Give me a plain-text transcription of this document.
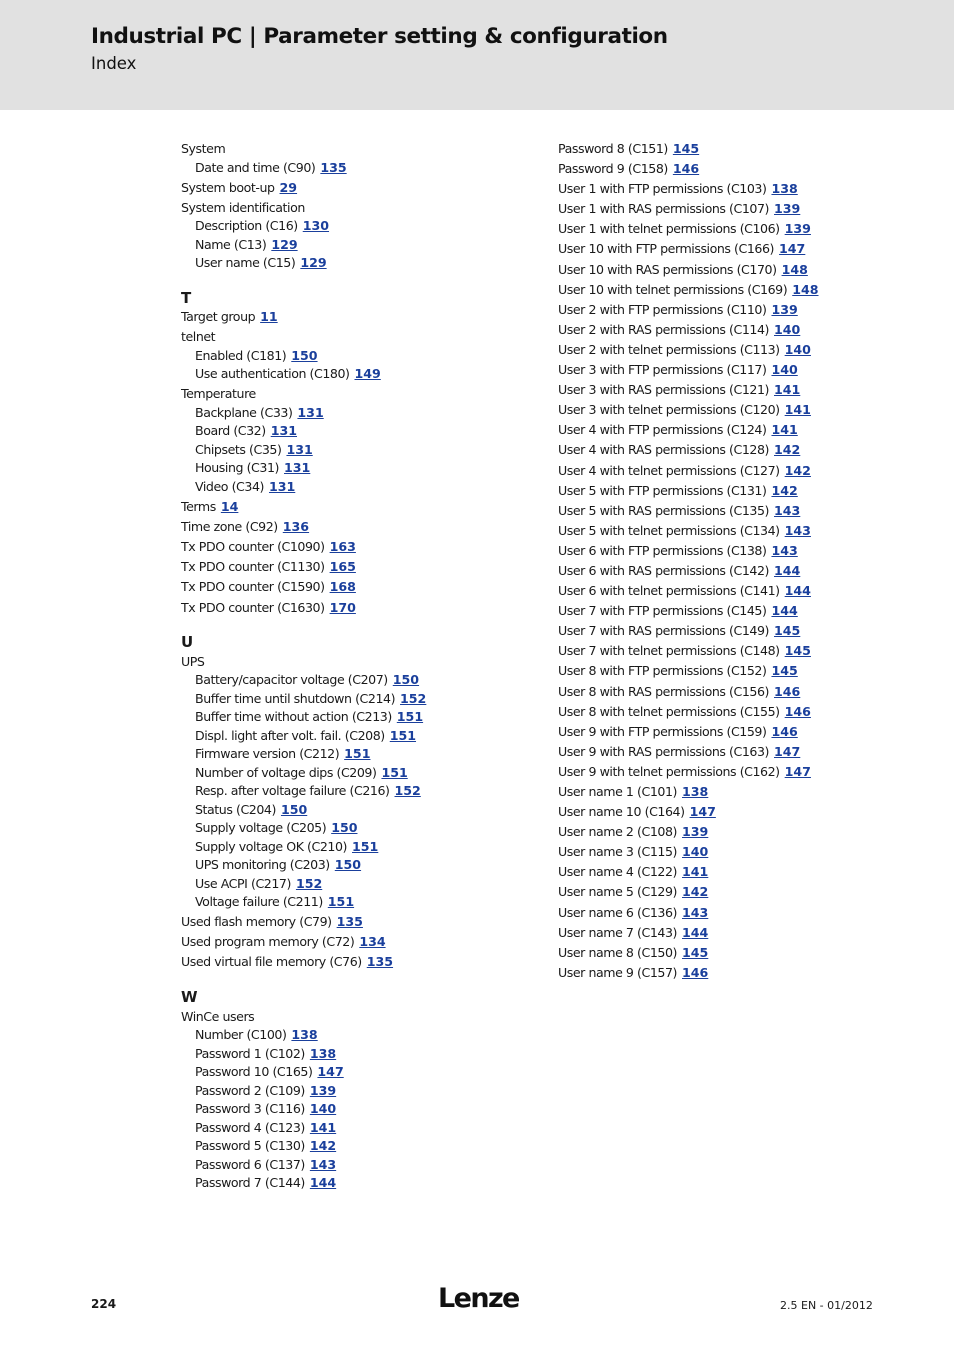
Industrial PC | Parameter setting & configuration
Index
System
Date and time (C90) 135
System boot-up 29
System identification
Description (C16) 130
Name (C13) 129
User name (C15) 129
T
Target group 11
telnet
Enabled (C181) 150
Use authentication (C180) 149
Temperature
Backplane (C33) 131
Board (C32) 131
Chipsets (C35) 131
Housing (C31) 131
Video (C34) 131
Terms 14
Time zone (C92) 136
Tx PDO counter (C1090) 163
Tx PDO counter (C1130) 165
Tx PDO counter (C1590) 168
Tx PDO counter (C1630) 170
U
UPS
Battery/capacitor voltage (C207) 150
Buffer time until shutdown (C214) 152
Buffer time without action (C213) 151
Displ. light after volt. fail. (C208) 151
Firmware version (C212) 151
Number of voltage dips (C209) 151
Resp. after voltage failure (C216) 152
Status (C204) 150
Supply voltage (C205) 150
Supply voltage OK (C210) 151
UPS monitoring (C203) 150
Use ACPI (C217) 152
Voltage failure (C211) 151
Used flash memory (C79) 135
Used program memory (C72) 134
Used virtual file memory (C76) 135
W
WinCe users
Number (C100) 138
Password 1 (C102) 138
Password 10 (C165) 147
Password 2 (C109) 139
Password 3 (C116) 140
Password 4 (C123) 141
Password 5 (C130) 142
Password 6 (C137) 143
Password 7 (C144) 144
Password 8 (C151) 145
Password 9 (C158) 146
User 1 with FTP permissions (C103) 138
User 1 with RAS permissions (C107) 139
User 1 with telnet permissions (C106) 139
User 10 with FTP permissions (C166) 147
User 10 with RAS permissions (C170) 148
User 10 with telnet permissions (C169) 148
User 2 with FTP permissions (C110) 139
User 2 with RAS permissions (C114) 140
User 2 with telnet permissions (C113) 140
User 3 with FTP permissions (C117) 140
User 3 with RAS permissions (C121) 141
User 3 with telnet permissions (C120) 141
User 4 with FTP permissions (C124) 141
User 4 with RAS permissions (C128) 142
User 4 with telnet permissions (C127) 142
User 5 with FTP permissions (C131) 142
User 5 with RAS permissions (C135) 143
User 5 with telnet permissions (C134) 143
User 6 with FTP permissions (C138) 143
User 6 with RAS permissions (C142) 144
User 6 with telnet permissions (C141) 144
User 7 with FTP permissions (C145) 144
User 7 with RAS permissions (C149) 145
User 7 with telnet permissions (C148) 145
User 8 with FTP permissions (C152) 145
User 8 with RAS permissions (C156) 146
User 8 with telnet permissions (C155) 146
User 9 with FTP permissions (C159) 146
User 9 with RAS permissions (C163) 147
User 9 with telnet permissions (C162) 147
User name 1 (C101) 138
User name 10 (C164) 147
User name 2 (C108) 139
User name 3 (C115) 140
User name 4 (C122) 141
User name 5 (C129) 142
User name 6 (C136) 143
User name 7 (C143) 144
User name 8 (C150) 145
User name 9 (C157) 146
224	Lenze	2.5 EN - 01/2012
